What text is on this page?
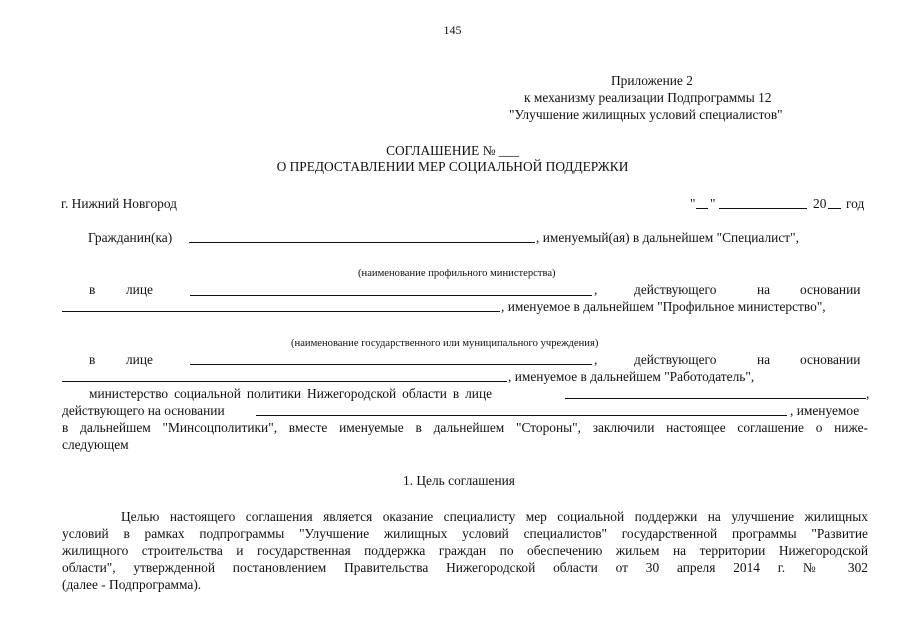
145
Приложение 2
к механизму реализации Подпрограммы 12
"Улучшение жилищных условий специалистов"
СОГЛАШЕНИЕ № ___
О ПРЕДОСТАВЛЕНИИ МЕР СОЦИАЛЬНОЙ ПОДДЕРЖКИ
г. Нижний Новгород	" "	20 год
Гражданин(ка)	, именуемый(ая) в дальнейшем "Специалист",
(наименование профильного министерства)
в лице	,	действующего	на основании
, именуемое в дальнейшем "Профильное министерство",
(наименование государственного или муниципального учреждения)
в лице	,	действующего	на основании
, именуемое в дальнейшем "Работодатель",
министерство социальной политики Нижегородской области в лице	,
действующего на основании	, именуемое
в дальнейшем "Минсоцполитики", вместе именуемые в дальнейшем "Стороны", заключили настоящее соглашение о ниже-
следующем
1. Цель соглашения
Целью настоящего соглашения является оказание специалисту мер социальной поддержки на улучшение жилищных
условий в рамках подпрограммы "Улучшение жилищных условий специалистов" государственной программы "Развитие
жилищного строительства и государственная поддержка граждан по обеспечению жильем на территории Нижегородской
области", утвержденной постановлением Правительства Нижегородской области от 30 апреля 2014 г. № 302
(далее - Подпрограмма).
